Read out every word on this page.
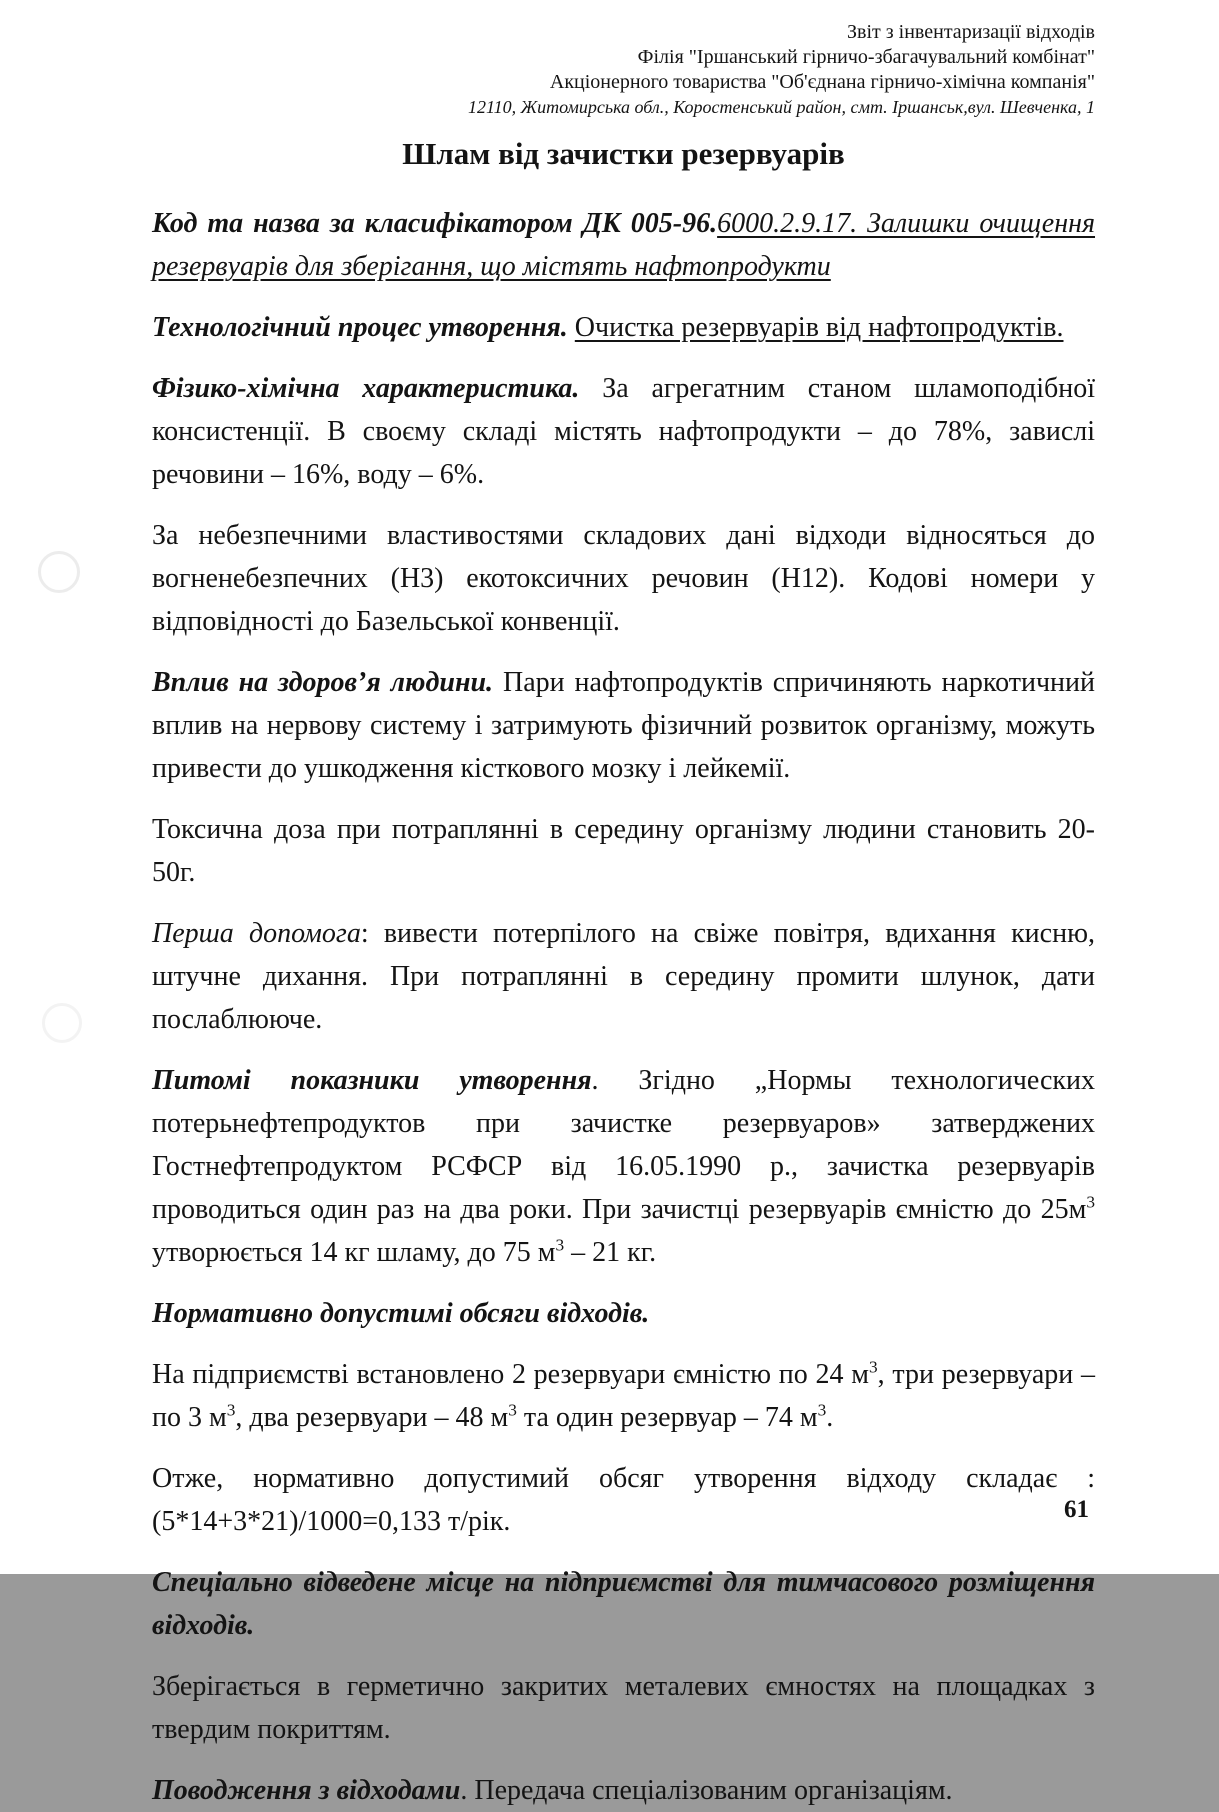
Звіт з інвентаризації відходів
Філія "Іршанський гірничо-збагачувальний комбінат"
Акціонерного товариства "Об'єднана гірничо-хімічна компанія"
12110, Житомирська обл., Коростенський район, смт. Іршанськ,вул. Шевченка, 1
Шлам від зачистки резервуарів

Код та назва за класифікатором ДК 005-96.6000.2.9.17. Залишки очищення резервуарів для зберігання, що містять нафтопродукти

Технологічний процес утворення. Очистка резервуарів від нафтопродуктів.

Фізико-хімічна характеристика. За агрегатним станом шламоподібної консистенції. В своєму складі містять нафтопродукти – до 78%, завислі речовини – 16%, воду – 6%.

За небезпечними властивостями складових дані відходи відносяться до вогненебезпечних (Н3) екотоксичних речовин (Н12). Кодові номери у відповідності до Базельської конвенції.

Вплив на здоров’я людини. Пари нафтопродуктів спричиняють наркотичний вплив на нервову систему і затримують фізичний розвиток організму, можуть привести до ушкодження кісткового мозку і лейкемії.

Токсична доза при потраплянні в середину організму людини становить 20-50г.

Перша допомога: вивести потерпілого на свіже повітря, вдихання кисню, штучне дихання. При потраплянні в середину промити шлунок, дати послаблююче.

Питомі показники утворення. Згідно „Нормы технологических потерьнефтепродуктов при зачистке резервуаров» затверджених Гостнефтепродуктом РСФСР від 16.05.1990 р., зачистка резервуарів проводиться один раз на два роки. При зачистці резервуарів ємністю до $25м^3$ утворюється 14 кг шламу, до 75 $м^3 - 21$ кг.

Нормативно допустимі обсяги відходів.

На підприємстві встановлено 2 резервуари ємністю по 24 $м^3$, три резервуари – по 3 $м^3$, два резервуари – 48 $м^3$ та один резервуар – 74 $м^3$.

Отже, нормативно допустимий обсяг утворення відходу складає : (5*14+3*21)/1000=0,133 т/рік.

Спеціально відведене місце на підприємстві для тимчасового розміщення відходів.

Зберігається в герметично закритих металевих ємностях на площадках з твердим покриттям.

Поводження з відходами. Передача спеціалізованим організаціям.

61
